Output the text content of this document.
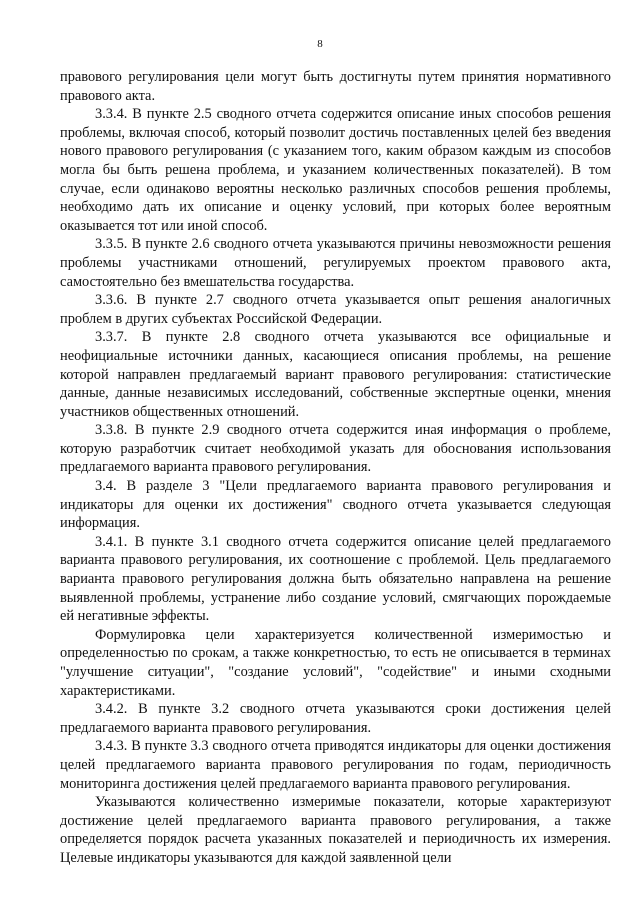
8

правового регулирования цели могут быть достигнуты путем принятия нормативного правового акта.

3.3.4. В пункте 2.5 сводного отчета содержится описание иных способов решения проблемы, включая способ, который позволит достичь поставленных целей без введения нового правового регулирования (с указанием того, каким образом каждым из способов могла бы быть решена проблема, и указанием количественных показателей). В том случае, если одинаково вероятны несколько различных способов решения проблемы, необходимо дать их описание и оценку условий, при которых более вероятным оказывается тот или иной способ.

3.3.5. В пункте 2.6 сводного отчета указываются причины невозможности решения проблемы участниками отношений, регулируемых проектом правового акта, самостоятельно без вмешательства государства.

3.3.6. В пункте 2.7 сводного отчета указывается опыт решения аналогичных проблем в других субъектах Российской Федерации.

3.3.7. В пункте 2.8 сводного отчета указываются все официальные и неофициальные источники данных, касающиеся описания проблемы, на решение которой направлен предлагаемый вариант правового регулирования: статистические данные, данные независимых исследований, собственные экспертные оценки, мнения участников общественных отношений.

3.3.8. В пункте 2.9 сводного отчета содержится иная информация о проблеме, которую разработчик считает необходимой указать для обоснования использования предлагаемого варианта правового регулирования.

3.4. В разделе 3 "Цели предлагаемого варианта правового регулирования и индикаторы для оценки их достижения" сводного отчета указывается следующая информация.

3.4.1. В пункте 3.1 сводного отчета содержится описание целей предлагаемого варианта правового регулирования, их соотношение с проблемой. Цель предлагаемого варианта правового регулирования должна быть обязательно направлена на решение выявленной проблемы, устранение либо создание условий, смягчающих порождаемые ей негативные эффекты.

Формулировка цели характеризуется количественной измеримостью и определенностью по срокам, а также конкретностью, то есть не описывается в терминах "улучшение ситуации", "создание условий", "содействие" и иными сходными характеристиками.

3.4.2. В пункте 3.2 сводного отчета указываются сроки достижения целей предлагаемого варианта правового регулирования.

3.4.3. В пункте 3.3 сводного отчета приводятся индикаторы для оценки достижения целей предлагаемого варианта правового регулирования по годам, периодичность мониторинга достижения целей предлагаемого варианта правового регулирования.

Указываются количественно измеримые показатели, которые характеризуют достижение целей предлагаемого варианта правового регулирования, а также определяется порядок расчета указанных показателей и периодичность их измерения. Целевые индикаторы указываются для каждой заявленной цели
